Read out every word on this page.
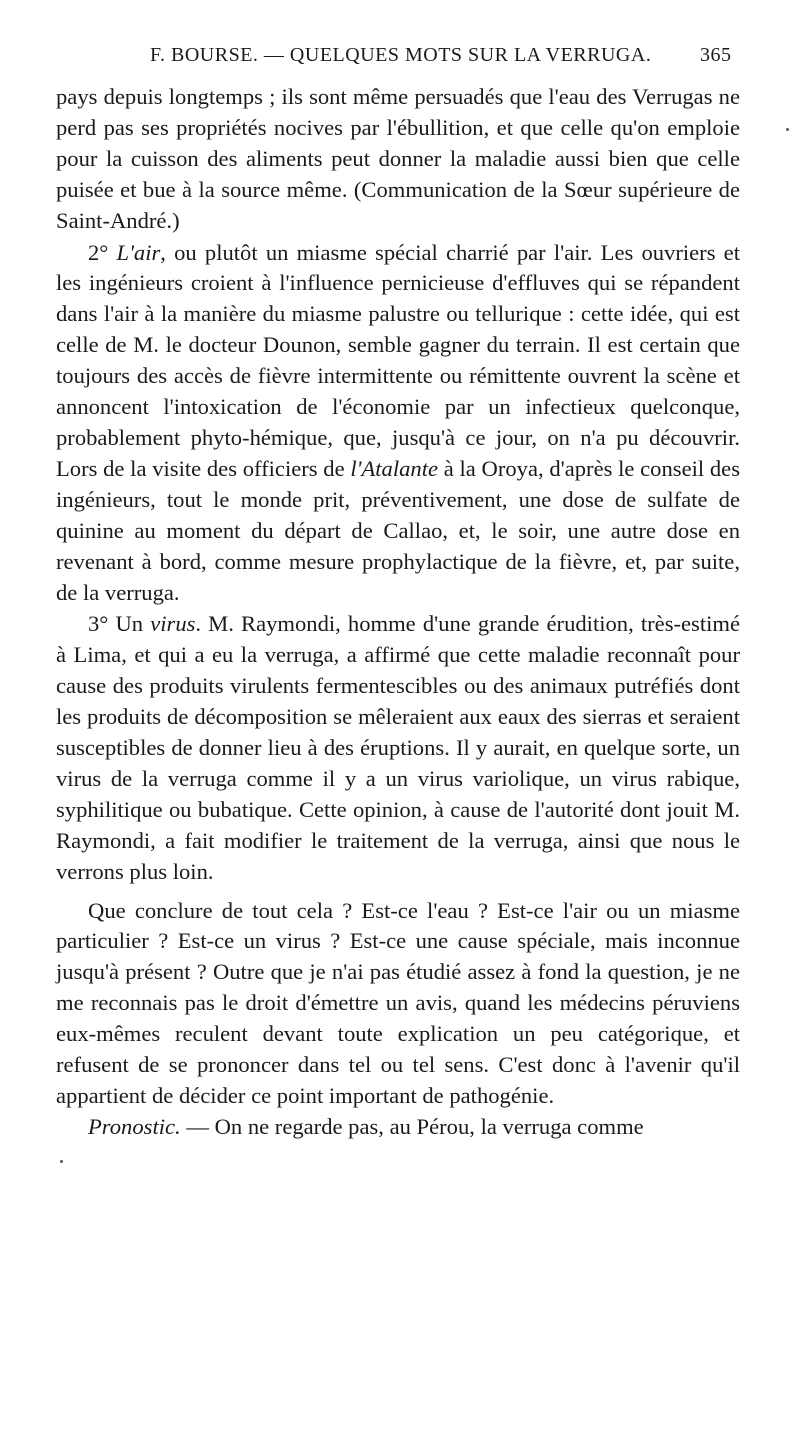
F. BOURSE. — QUELQUES MOTS SUR LA VERRUGA. 365

pays depuis longtemps ; ils sont même persuadés que l'eau des Verrugas ne perd pas ses propriétés nocives par l'ébullition, et que celle qu'on emploie pour la cuisson des aliments peut donner la maladie aussi bien que celle puisée et bue à la source même. (Communication de la Sœur supérieure de Saint-André.)

2° L'air, ou plutôt un miasme spécial charrié par l'air. Les ouvriers et les ingénieurs croient à l'influence pernicieuse d'effluves qui se répandent dans l'air à la manière du miasme palustre ou tellurique : cette idée, qui est celle de M. le docteur Dounon, semble gagner du terrain. Il est certain que toujours des accès de fièvre intermittente ou rémittente ouvrent la scène et annoncent l'intoxication de l'économie par un infectieux quelconque, probablement phyto-hémique, que, jusqu'à ce jour, on n'a pu découvrir. Lors de la visite des officiers de l'Atalante à la Oroya, d'après le conseil des ingénieurs, tout le monde prit, préventivement, une dose de sulfate de quinine au moment du départ de Callao, et, le soir, une autre dose en revenant à bord, comme mesure prophylactique de la fièvre, et, par suite, de la verruga.

3° Un virus. M. Raymondi, homme d'une grande érudition, très-estimé à Lima, et qui a eu la verruga, a affirmé que cette maladie reconnaît pour cause des produits virulents fermentescibles ou des animaux putréfiés dont les produits de décomposition se mêleraient aux eaux des sierras et seraient susceptibles de donner lieu à des éruptions. Il y aurait, en quelque sorte, un virus de la verruga comme il y a un virus variolique, un virus rabique, syphilitique ou bubatique. Cette opinion, à cause de l'autorité dont jouit M. Raymondi, a fait modifier le traitement de la verruga, ainsi que nous le verrons plus loin.

Que conclure de tout cela ? Est-ce l'eau ? Est-ce l'air ou un miasme particulier ? Est-ce un virus ? Est-ce une cause spéciale, mais inconnue jusqu'à présent ? Outre que je n'ai pas étudié assez à fond la question, je ne me reconnais pas le droit d'émettre un avis, quand les médecins péruviens eux-mêmes reculent devant toute explication un peu catégorique, et refusent de se prononcer dans tel ou tel sens. C'est donc à l'avenir qu'il appartient de décider ce point important de pathogénie.

Pronostic. — On ne regarde pas, au Pérou, la verruga comme
